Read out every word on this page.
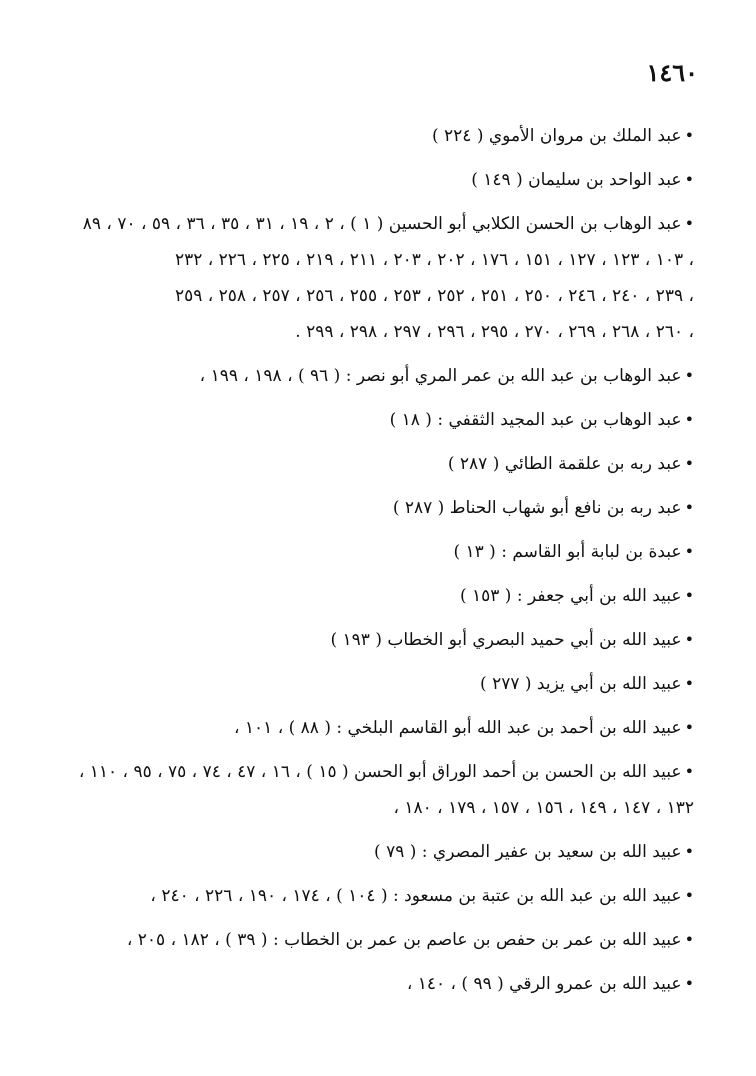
١٤٦٠
•عبد الملك بن مروان الأموي ( ٢٢٤ )
•عبد الواحد بن سليمان ( ١٤٩ )
•عبد الوهاب بن الحسن الكلابي أبو الحسين ( ١ ) ، ٢ ، ١٩ ، ٣١ ، ٣٥ ، ٣٦ ، ٥٩ ، ٧٠ ، ٨٩
، ١٠٣ ، ١٢٣ ، ١٢٧ ، ١٥١ ، ١٧٦ ، ٢٠٢ ، ٢٠٣ ، ٢١١ ، ٢١٩ ، ٢٢٥ ، ٢٢٦ ، ٢٣٢
، ٢٣٩ ، ٢٤٠ ، ٢٤٦ ، ٢٥٠ ، ٢٥١ ، ٢٥٢ ، ٢٥٣ ، ٢٥٥ ، ٢٥٦ ، ٢٥٧ ، ٢٥٨ ، ٢٥٩
، ٢٦٠ ، ٢٦٨ ، ٢٦٩ ، ٢٧٠ ، ٢٩٥ ، ٢٩٦ ، ٢٩٧ ، ٢٩٨ ، ٢٩٩ .
•عبد الوهاب بن عبد الله بن عمر المري أبو نصر : ( ٩٦ ) ، ١٩٨ ، ١٩٩ ،
•عبد الوهاب بن عبد المجيد الثقفي : ( ١٨ )
•عبد ربه بن علقمة الطائي ( ٢٨٧ )
•عبد ربه بن نافع أبو شهاب الحناط ( ٢٨٧ )
•عبدة بن لبابة أبو القاسم : ( ١٣ )
•عبيد الله بن أبي جعفر : ( ١٥٣ )
•عبيد الله بن أبي حميد البصري أبو الخطاب ( ١٩٣ )
•عبيد الله بن أبي يزيد ( ٢٧٧ )
•عبيد الله بن أحمد بن عبد الله أبو القاسم البلخي : ( ٨٨ ) ، ١٠١ ،
•عبيد الله بن الحسن بن أحمد الوراق أبو الحسن ( ١٥ ) ، ١٦ ، ٤٧ ، ٧٤ ، ٧٥ ، ٩٥ ، ١١٠ ،
١٣٢ ، ١٤٧ ، ١٤٩ ، ١٥٦ ، ١٥٧ ، ١٧٩ ، ١٨٠ ،
•عبيد الله بن سعيد بن عفير المصري : ( ٧٩ )
•عبيد الله بن عبد الله بن عتبة بن مسعود : ( ١٠٤ ) ، ١٧٤ ، ١٩٠ ، ٢٢٦ ، ٢٤٠ ،
•عبيد الله بن عمر بن حفص بن عاصم بن عمر بن الخطاب : ( ٣٩ ) ، ١٨٢ ، ٢٠٥ ،
•عبيد الله بن عمرو الرقي ( ٩٩ ) ، ١٤٠ ،
